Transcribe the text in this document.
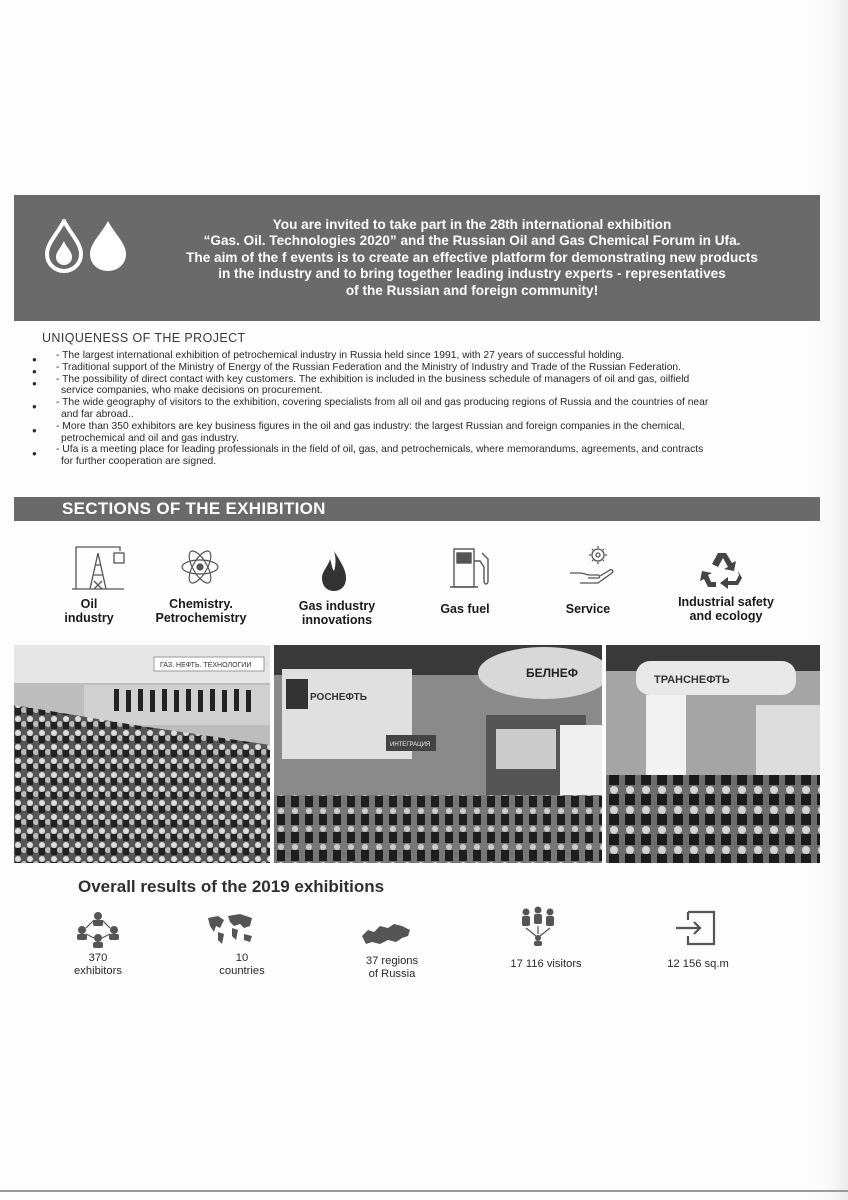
You are invited to take part in the 28th international exhibition
“Gas. Oil. Technologies 2020” and the Russian Oil and Gas Chemical Forum in Ufa.
The aim of the f events is to create an effective platform for demonstrating new products
in the industry and to bring together leading industry experts - representatives
of the Russian and foreign community!
UNIQUENESS OF THE PROJECT
● - The largest international exhibition of petrochemical industry in Russia held since 1991, with 27 years of successful holding.
● - Traditional support of the Ministry of Energy of the Russian Federation and the Ministry of Industry and Trade of the Russian Federation.
● - The possibility of direct contact with key customers. The exhibition is included in the business schedule of managers of oil and gas, oilfield
service companies, who make decisions on procurement.
● - The wide geography of visitors to the exhibition, covering specialists from all oil and gas producing regions of Russia and the countries of near
and far abroad..
● - More than 350 exhibitors are key business figures in the oil and gas industry: the largest Russian and foreign companies in the chemical,
petrochemical and oil and gas industry.
● - Ufa is a meeting place for leading professionals in the field of oil, gas, and petrochemicals, where memorandums, agreements, and contracts
for further cooperation are signed.
SECTIONS OF THE EXHIBITION
Oil
industry
Chemistry.
Petrochemistry
Gas industry
innovations
Gas fuel	Service	Industrial safety
and ecology
ГАЗ. НЕФТЬ. ТЕХНОЛОГИИ
РОСНЕФТЬ
ИНТЕГРАЦИЯ
БЕЛНЕФ	ТРАНСНЕФТЬ
Overall results of the 2019 exhibitions
370
exhibitors
10
countries
37 regions
of Russia
17 116 visitors	12 156 sq.m
